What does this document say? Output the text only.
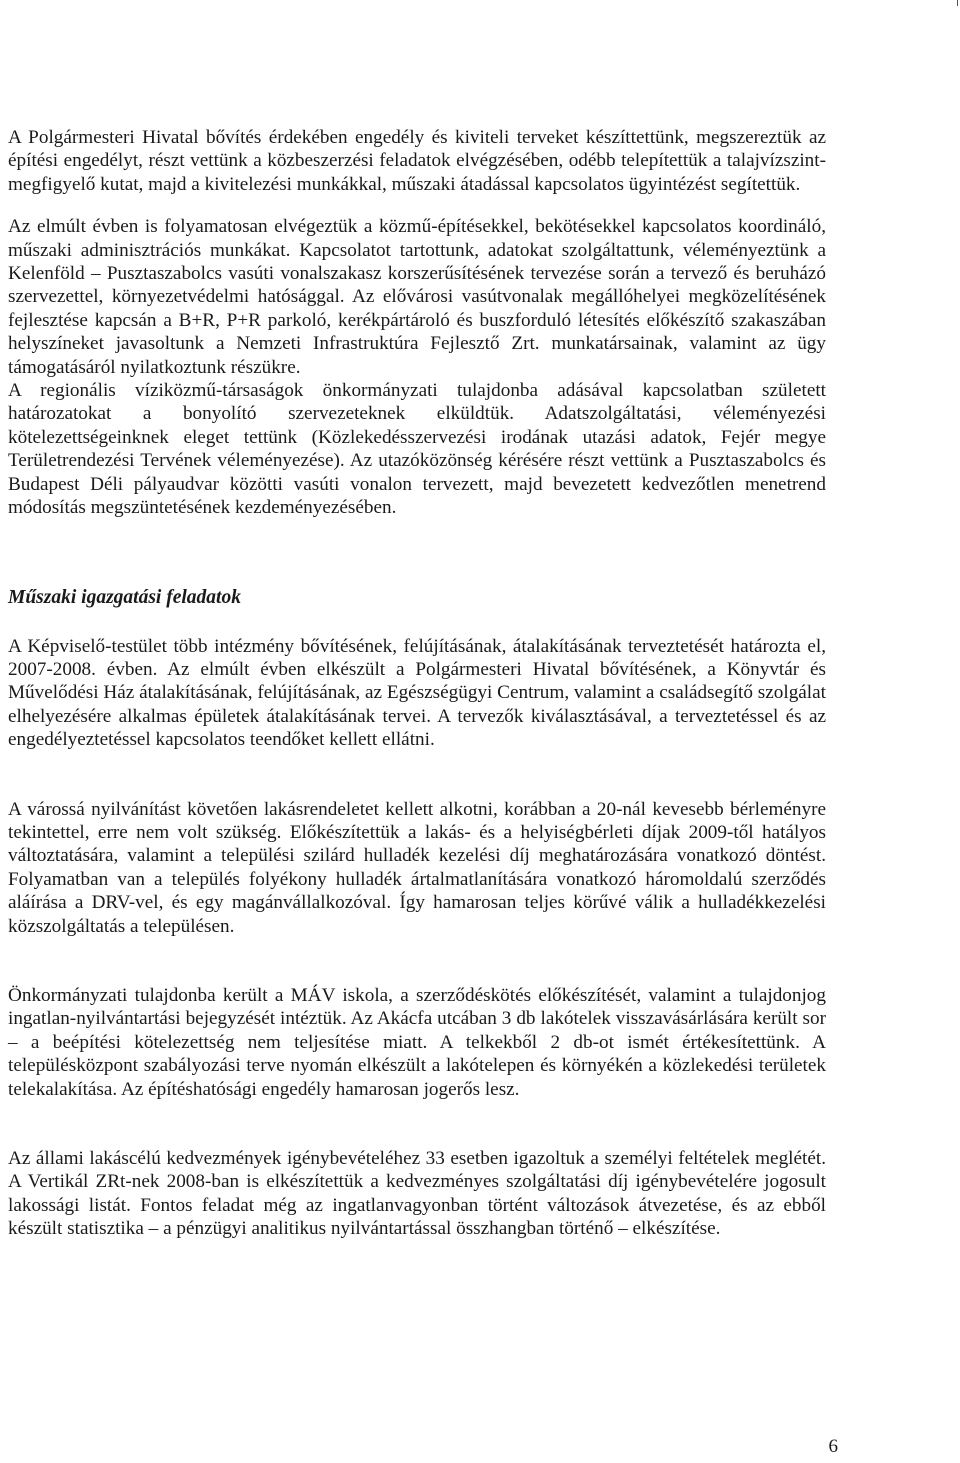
A Polgármesteri Hivatal bővítés érdekében engedély és kiviteli terveket készíttettünk, megszereztük az építési engedélyt, részt vettünk a közbeszerzési feladatok elvégzésében, odébb telepítettük a talajvízszint-megfigyelő kutat, majd a kivitelezési munkákkal, műszaki átadással kapcsolatos ügyintézést segítettük.

Az elmúlt évben is folyamatosan elvégeztük a közmű-építésekkel, bekötésekkel kapcsolatos koordináló, műszaki adminisztrációs munkákat. Kapcsolatot tartottunk, adatokat szolgáltattunk, véleményeztünk a Kelenföld – Pusztaszabolcs vasúti vonalszakasz korszerűsítésének tervezése során a tervező és beruházó szervezettel, környezetvédelmi hatósággal. Az elővárosi vasútvonalak megállóhelyei megközelítésének fejlesztése kapcsán a B+R, P+R parkoló, kerékpártároló és buszforduló létesítés előkészítő szakaszában helyszíneket javasoltunk a Nemzeti Infrastruktúra Fejlesztő Zrt. munkatársainak, valamint az ügy támogatásáról nyilatkoztunk részükre.

A regionális víziközmű-társaságok önkormányzati tulajdonba adásával kapcsolatban született határozatokat a bonyolító szervezeteknek elküldtük. Adatszolgáltatási, véleményezési kötelezettségeinknek eleget tettünk (Közlekedésszervezési irodának utazási adatok, Fejér megye Területrendezési Tervének véleményezése). Az utazóközönség kérésére részt vettünk a Pusztaszabolcs és Budapest Déli pályaudvar közötti vasúti vonalon tervezett, majd bevezetett kedvezőtlen menetrend módosítás megszüntetésének kezdeményezésében.

Műszaki igazgatási feladatok

A Képviselő-testület több intézmény bővítésének, felújításának, átalakításának terveztetését határozta el, 2007-2008. évben. Az elmúlt évben elkészült a Polgármesteri Hivatal bővítésének, a Könyvtár és Művelődési Ház átalakításának, felújításának, az Egészségügyi Centrum, valamint a családsegítő szolgálat elhelyezésére alkalmas épületek átalakításának tervei. A tervezők kiválasztásával, a terveztetéssel és az engedélyeztetéssel kapcsolatos teendőket kellett ellátni.

A várossá nyilvánítást követően lakásrendeletet kellett alkotni, korábban a 20-nál kevesebb bérleményre tekintettel, erre nem volt szükség. Előkészítettük a lakás- és a helyiségbérleti díjak 2009-től hatályos változtatására, valamint a települési szilárd hulladék kezelési díj meghatározására vonatkozó döntést. Folyamatban van a település folyékony hulladék ártalmatlanítására vonatkozó háromoldalú szerződés aláírása a DRV-vel, és egy magánvállalkozóval. Így hamarosan teljes körűvé válik a hulladékkezelési közszolgáltatás a településen.

Önkormányzati tulajdonba került a MÁV iskola, a szerződéskötés előkészítését, valamint a tulajdonjog ingatlan-nyilvántartási bejegyzését intéztük. Az Akácfa utcában 3 db lakótelek visszavásárlására került sor – a beépítési kötelezettség nem teljesítése miatt. A telkekből 2 db-ot ismét értékesítettünk. A településközpont szabályozási terve nyomán elkészült a lakótelepen és környékén a közlekedési területek telekalakítása. Az építéshatósági engedély hamarosan jogerős lesz.

Az állami lakáscélú kedvezmények igénybevételéhez 33 esetben igazoltuk a személyi feltételek meglétét. A Vertikál ZRt-nek 2008-ban is elkészítettük a kedvezményes szolgáltatási díj igénybevételére jogosult lakossági listát. Fontos feladat még az ingatlanvagyonban történt változások átvezetése, és az ebből készült statisztika – a pénzügyi analitikus nyilvántartással összhangban történő – elkészítése.

6
